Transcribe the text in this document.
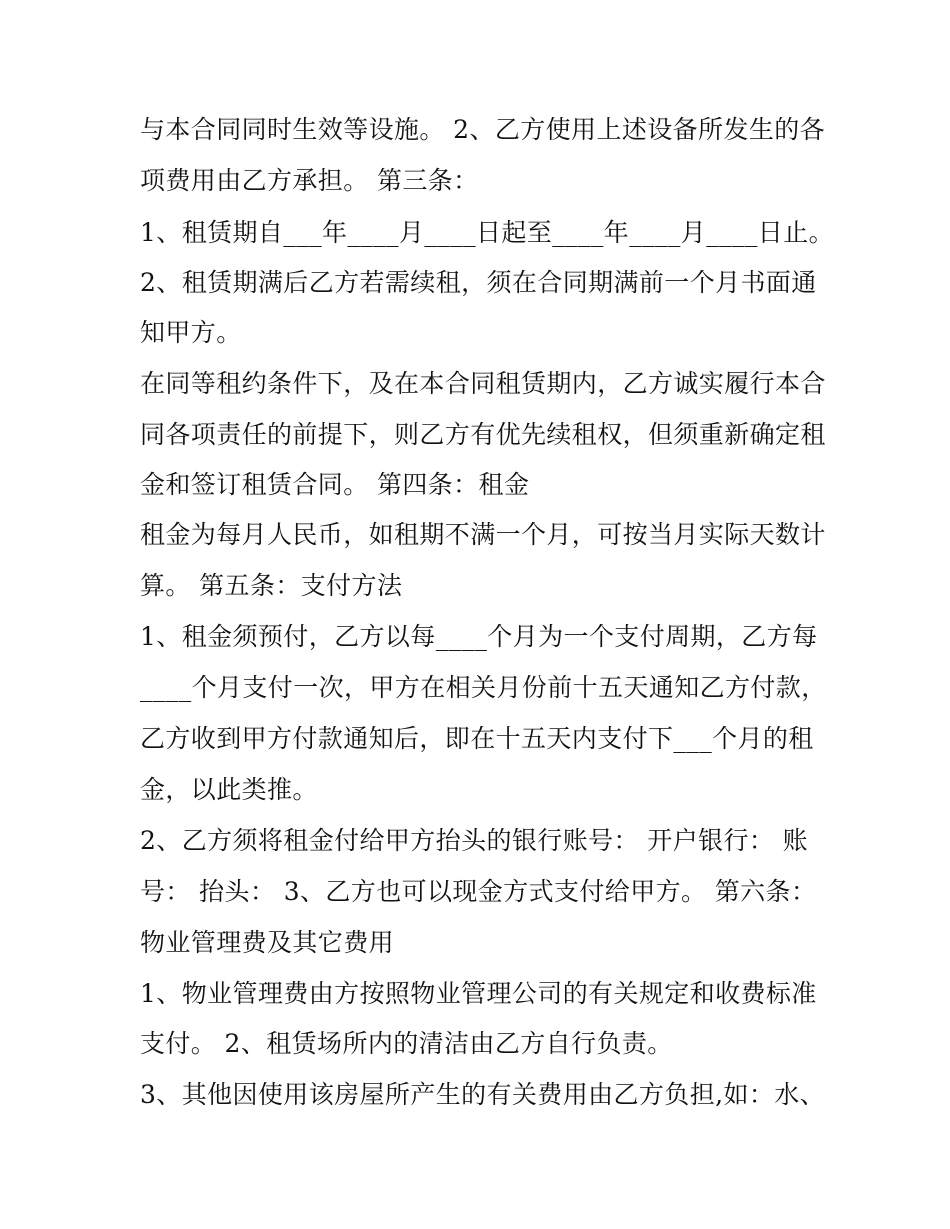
与本合同同时生效等设施。 2、乙方使用上述设备所发生的各
项费用由乙方承担。 第三条：
1、租赁期自___年____月____日起至____年____月____日止。
2、租赁期满后乙方若需续租，须在合同期满前一个月书面通
知甲方。
在同等租约条件下，及在本合同租赁期内，乙方诚实履行本合
同各项责任的前提下，则乙方有优先续租权，但须重新确定租
金和签订租赁合同。 第四条：租金
租金为每月人民币，如租期不满一个月，可按当月实际天数计
算。 第五条：支付方法
1、租金须预付，乙方以每____个月为一个支付周期，乙方每
____个月支付一次，甲方在相关月份前十五天通知乙方付款，
乙方收到甲方付款通知后，即在十五天内支付下___个月的租
金，以此类推。
2、乙方须将租金付给甲方抬头的银行账号： 开户银行： 账
号： 抬头： 3、乙方也可以现金方式支付给甲方。 第六条：
物业管理费及其它费用
1、物业管理费由方按照物业管理公司的有关规定和收费标准
支付。 2、租赁场所内的清洁由乙方自行负责。
3、其他因使用该房屋所产生的有关费用由乙方负担,如：水、
